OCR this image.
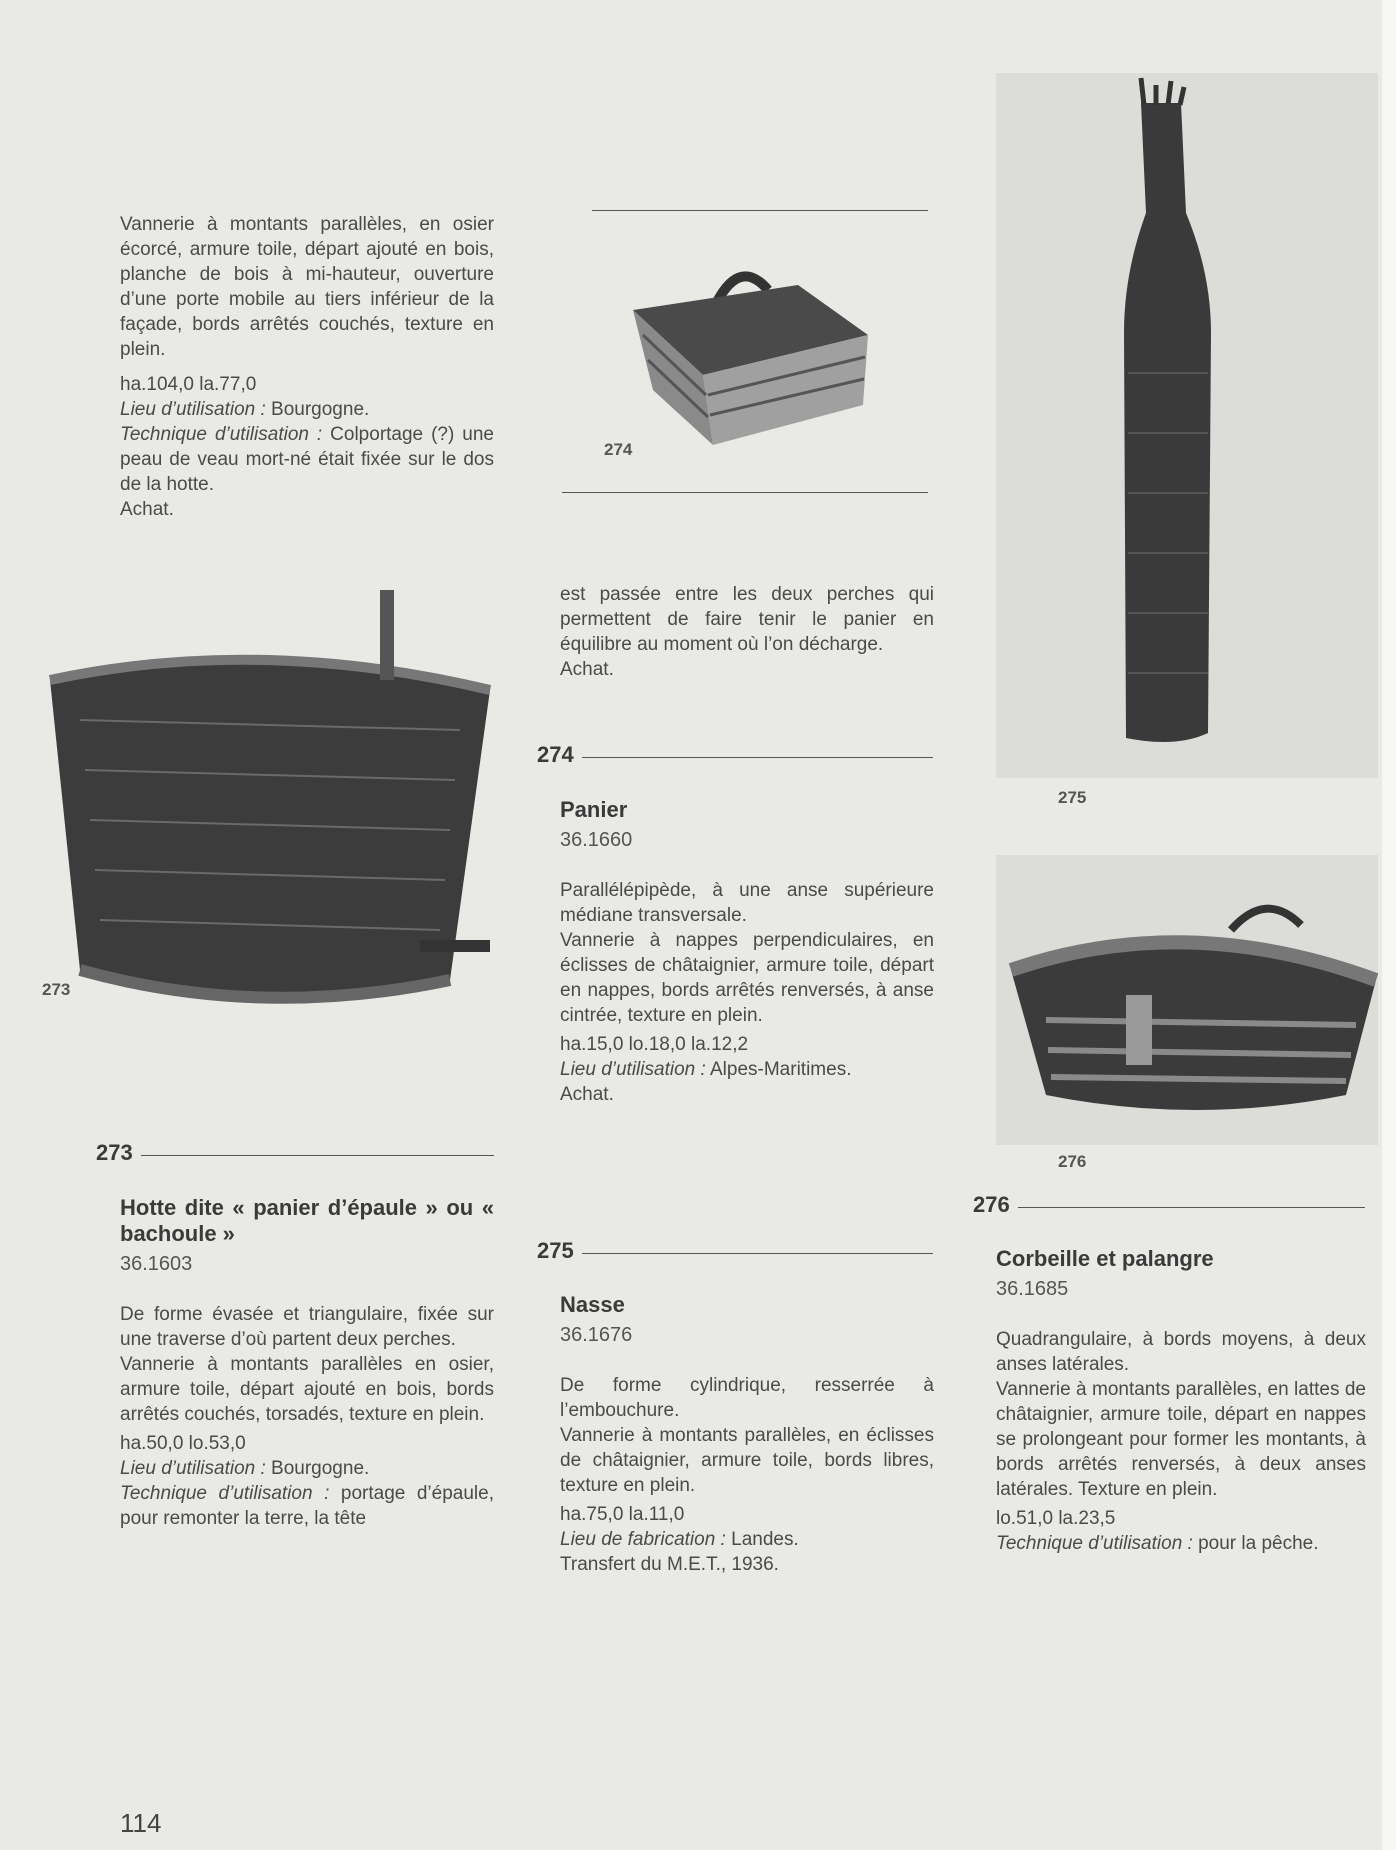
Vannerie à montants parallèles, en osier écorcé, armure toile, départ ajouté en bois, planche de bois à mi-hauteur, ouverture d’une porte mobile au tiers inférieur de la façade, bords arrêtés couchés, texture en plein.

ha.104,0 la.77,0

Lieu d’utilisation : Bourgogne.

Technique d’utilisation : Colportage (?) une peau de veau mort-né était fixée sur le dos de la hotte.

Achat.

273
273
Hotte dite « panier d’épaule » ou « bachoule »
36.1603

De forme évasée et triangulaire, fixée sur une traverse d’où partent deux perches.

Vannerie à montants parallèles en osier, armure toile, départ ajouté en bois, bords arrêtés couchés, torsadés, texture en plein.

ha.50,0 lo.53,0

Lieu d’utilisation : Bourgogne.

Technique d’utilisation : portage d’épaule, pour remonter la terre, la tête

274

est passée entre les deux perches qui permettent de faire tenir le panier en équilibre au moment où l’on décharge.

Achat.

274
Panier
36.1660

Parallélépipède, à une anse supérieure médiane transversale.

Vannerie à nappes perpendiculaires, en éclisses de châtaignier, armure toile, départ en nappes, bords arrêtés renversés, à anse cintrée, texture en plein.

ha.15,0 lo.18,0 la.12,2

Lieu d’utilisation : Alpes-Maritimes.

Achat.

275
Nasse
36.1676

De forme cylindrique, resserrée à l’embouchure.

Vannerie à montants parallèles, en éclisses de châtaignier, armure toile, bords libres, texture en plein.

ha.75,0 la.11,0

Lieu de fabrication : Landes.

Transfert du M.E.T., 1936.

275
276
276
Corbeille et palangre
36.1685

Quadrangulaire, à bords moyens, à deux anses latérales.

Vannerie à montants parallèles, en lattes de châtaignier, armure toile, départ en nappes se prolongeant pour former les montants, à bords arrêtés renversés, à deux anses latérales. Texture en plein.

lo.51,0 la.23,5

Technique d’utilisation : pour la pêche.

114
